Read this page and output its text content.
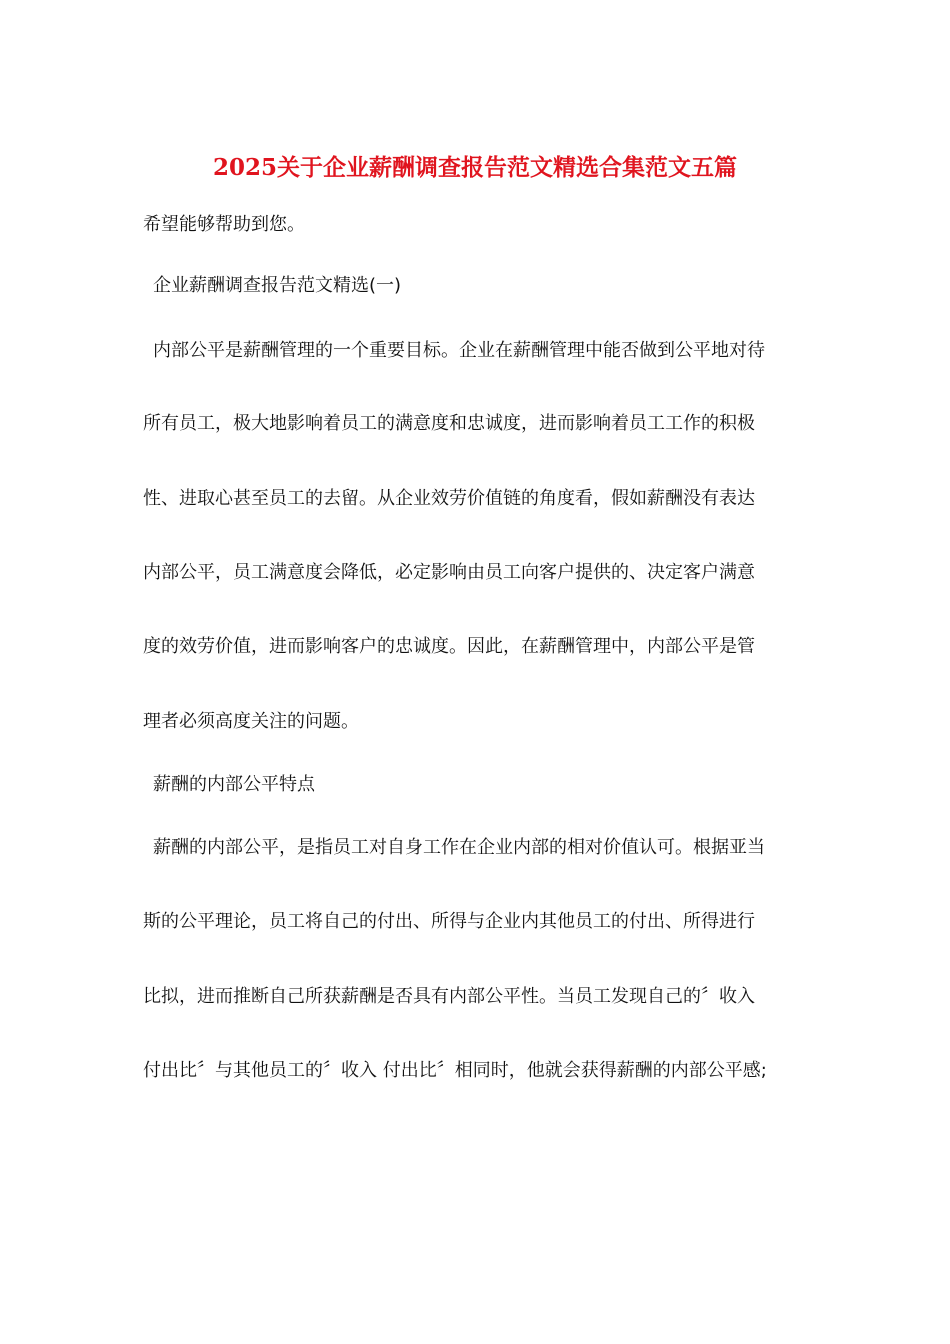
2025关于企业薪酬调查报告范文精选合集范文五篇
希望能够帮助到您。
企业薪酬调查报告范文精选(一)
内部公平是薪酬管理的一个重要目标。企业在薪酬管理中能否做到公平地对待
所有员工，极大地影响着员工的满意度和忠诚度，进而影响着员工工作的积极
性、进取心甚至员工的去留。从企业效劳价值链的角度看，假如薪酬没有表达
内部公平，员工满意度会降低，必定影响由员工向客户提供的、决定客户满意
度的效劳价值，进而影响客户的忠诚度。因此，在薪酬管理中，内部公平是管
理者必须高度关注的问题。
薪酬的内部公平特点
薪酬的内部公平，是指员工对自身工作在企业内部的相对价值认可。根据亚当
斯的公平理论，员工将自己的付出、所得与企业内其他员工的付出、所得进行
比拟，进而推断自己所获薪酬是否具有内部公平性。当员工发现自己的〞收入
付出比〞与其他员工的〞收入 付出比〞相同时，他就会获得薪酬的内部公平感;
